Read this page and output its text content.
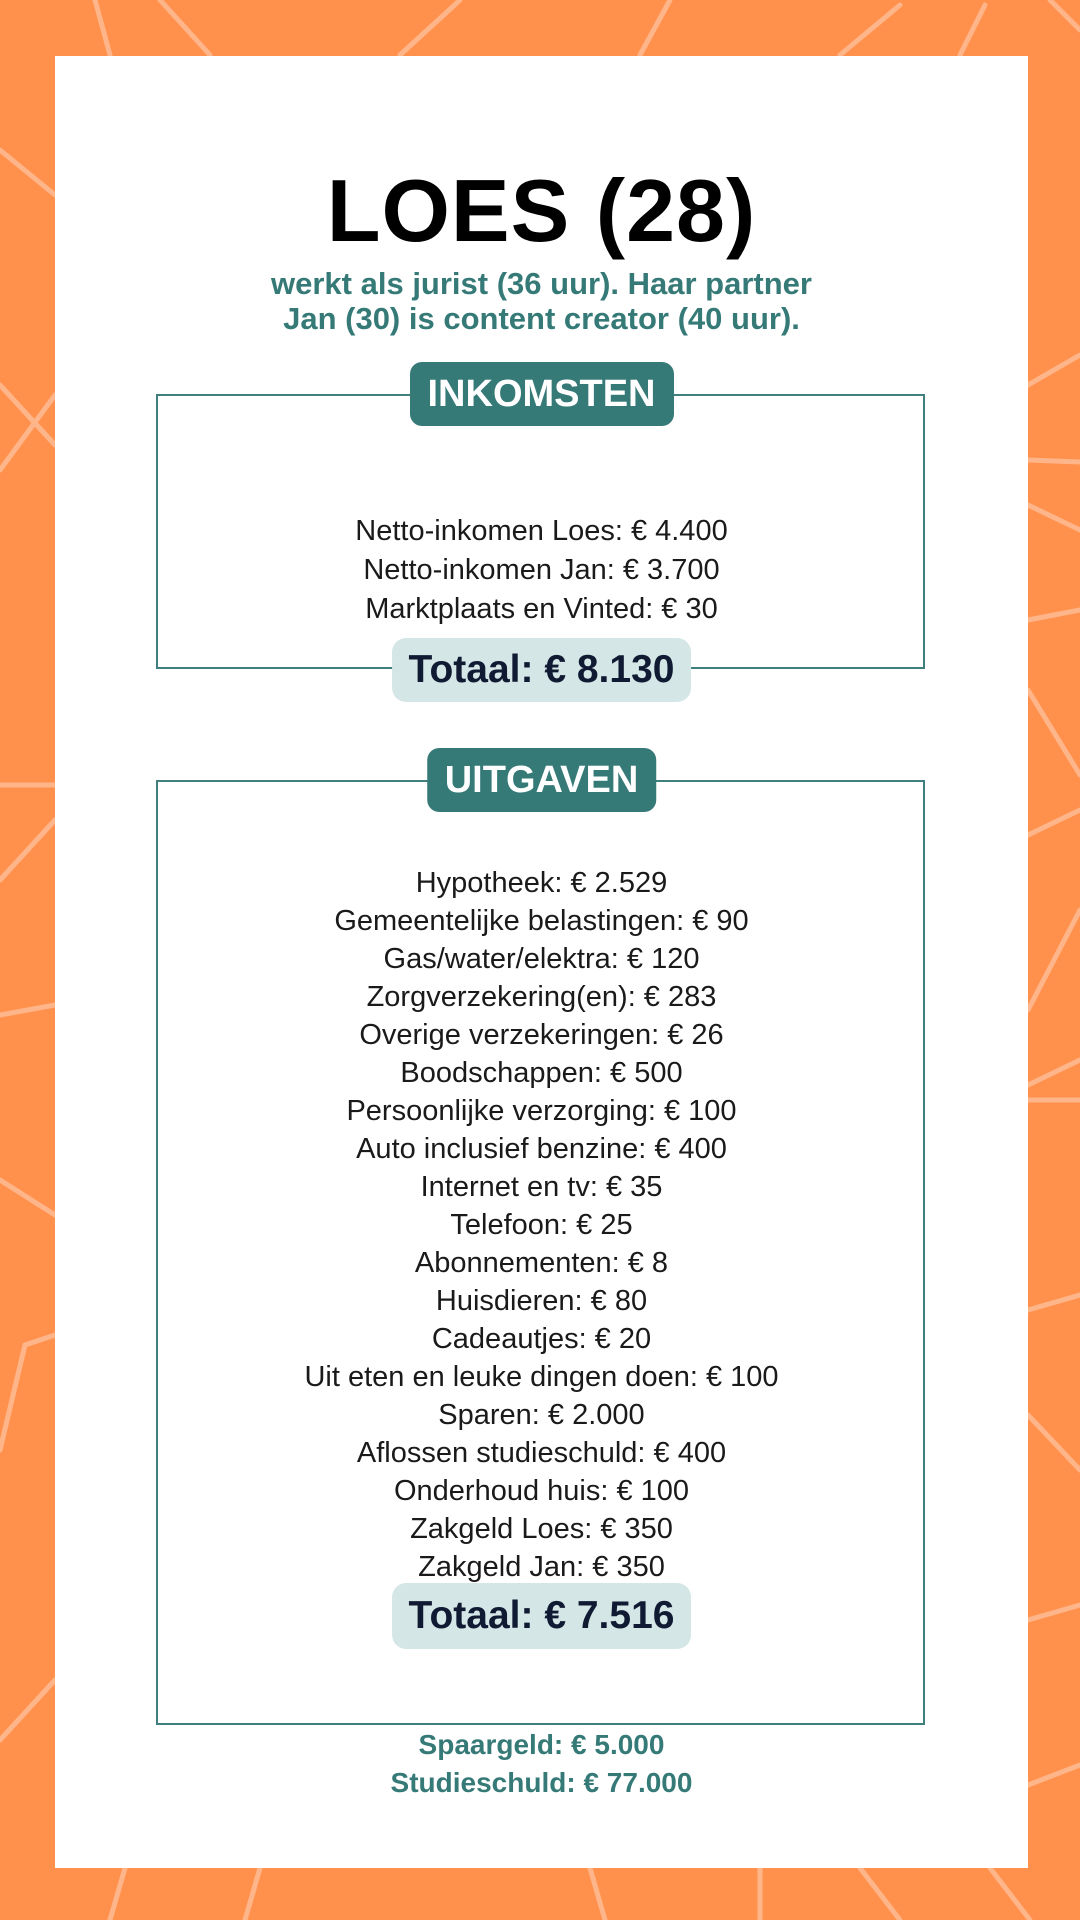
LOES (28)
werkt als jurist (36 uur). Haar partner
Jan (30) is content creator (40 uur).
INKOMSTEN
Netto-inkomen Loes: € 4.400
Netto-inkomen Jan: € 3.700
Marktplaats en Vinted: € 30
Totaal: € 8.130
UITGAVEN
Hypotheek: € 2.529
Gemeentelijke belastingen: € 90
Gas/water/elektra: € 120
Zorgverzekering(en): € 283
Overige verzekeringen: € 26
Boodschappen: € 500
Persoonlijke verzorging: € 100
Auto inclusief benzine: € 400
Internet en tv: € 35
Telefoon: € 25
Abonnementen: € 8
Huisdieren: € 80
Cadeautjes: € 20
Uit eten en leuke dingen doen: € 100
Sparen: € 2.000
Aflossen studieschuld: € 400
Onderhoud huis: € 100
Zakgeld Loes: € 350
Zakgeld Jan: € 350
Totaal: € 7.516
Spaargeld: € 5.000
Studieschuld: € 77.000
